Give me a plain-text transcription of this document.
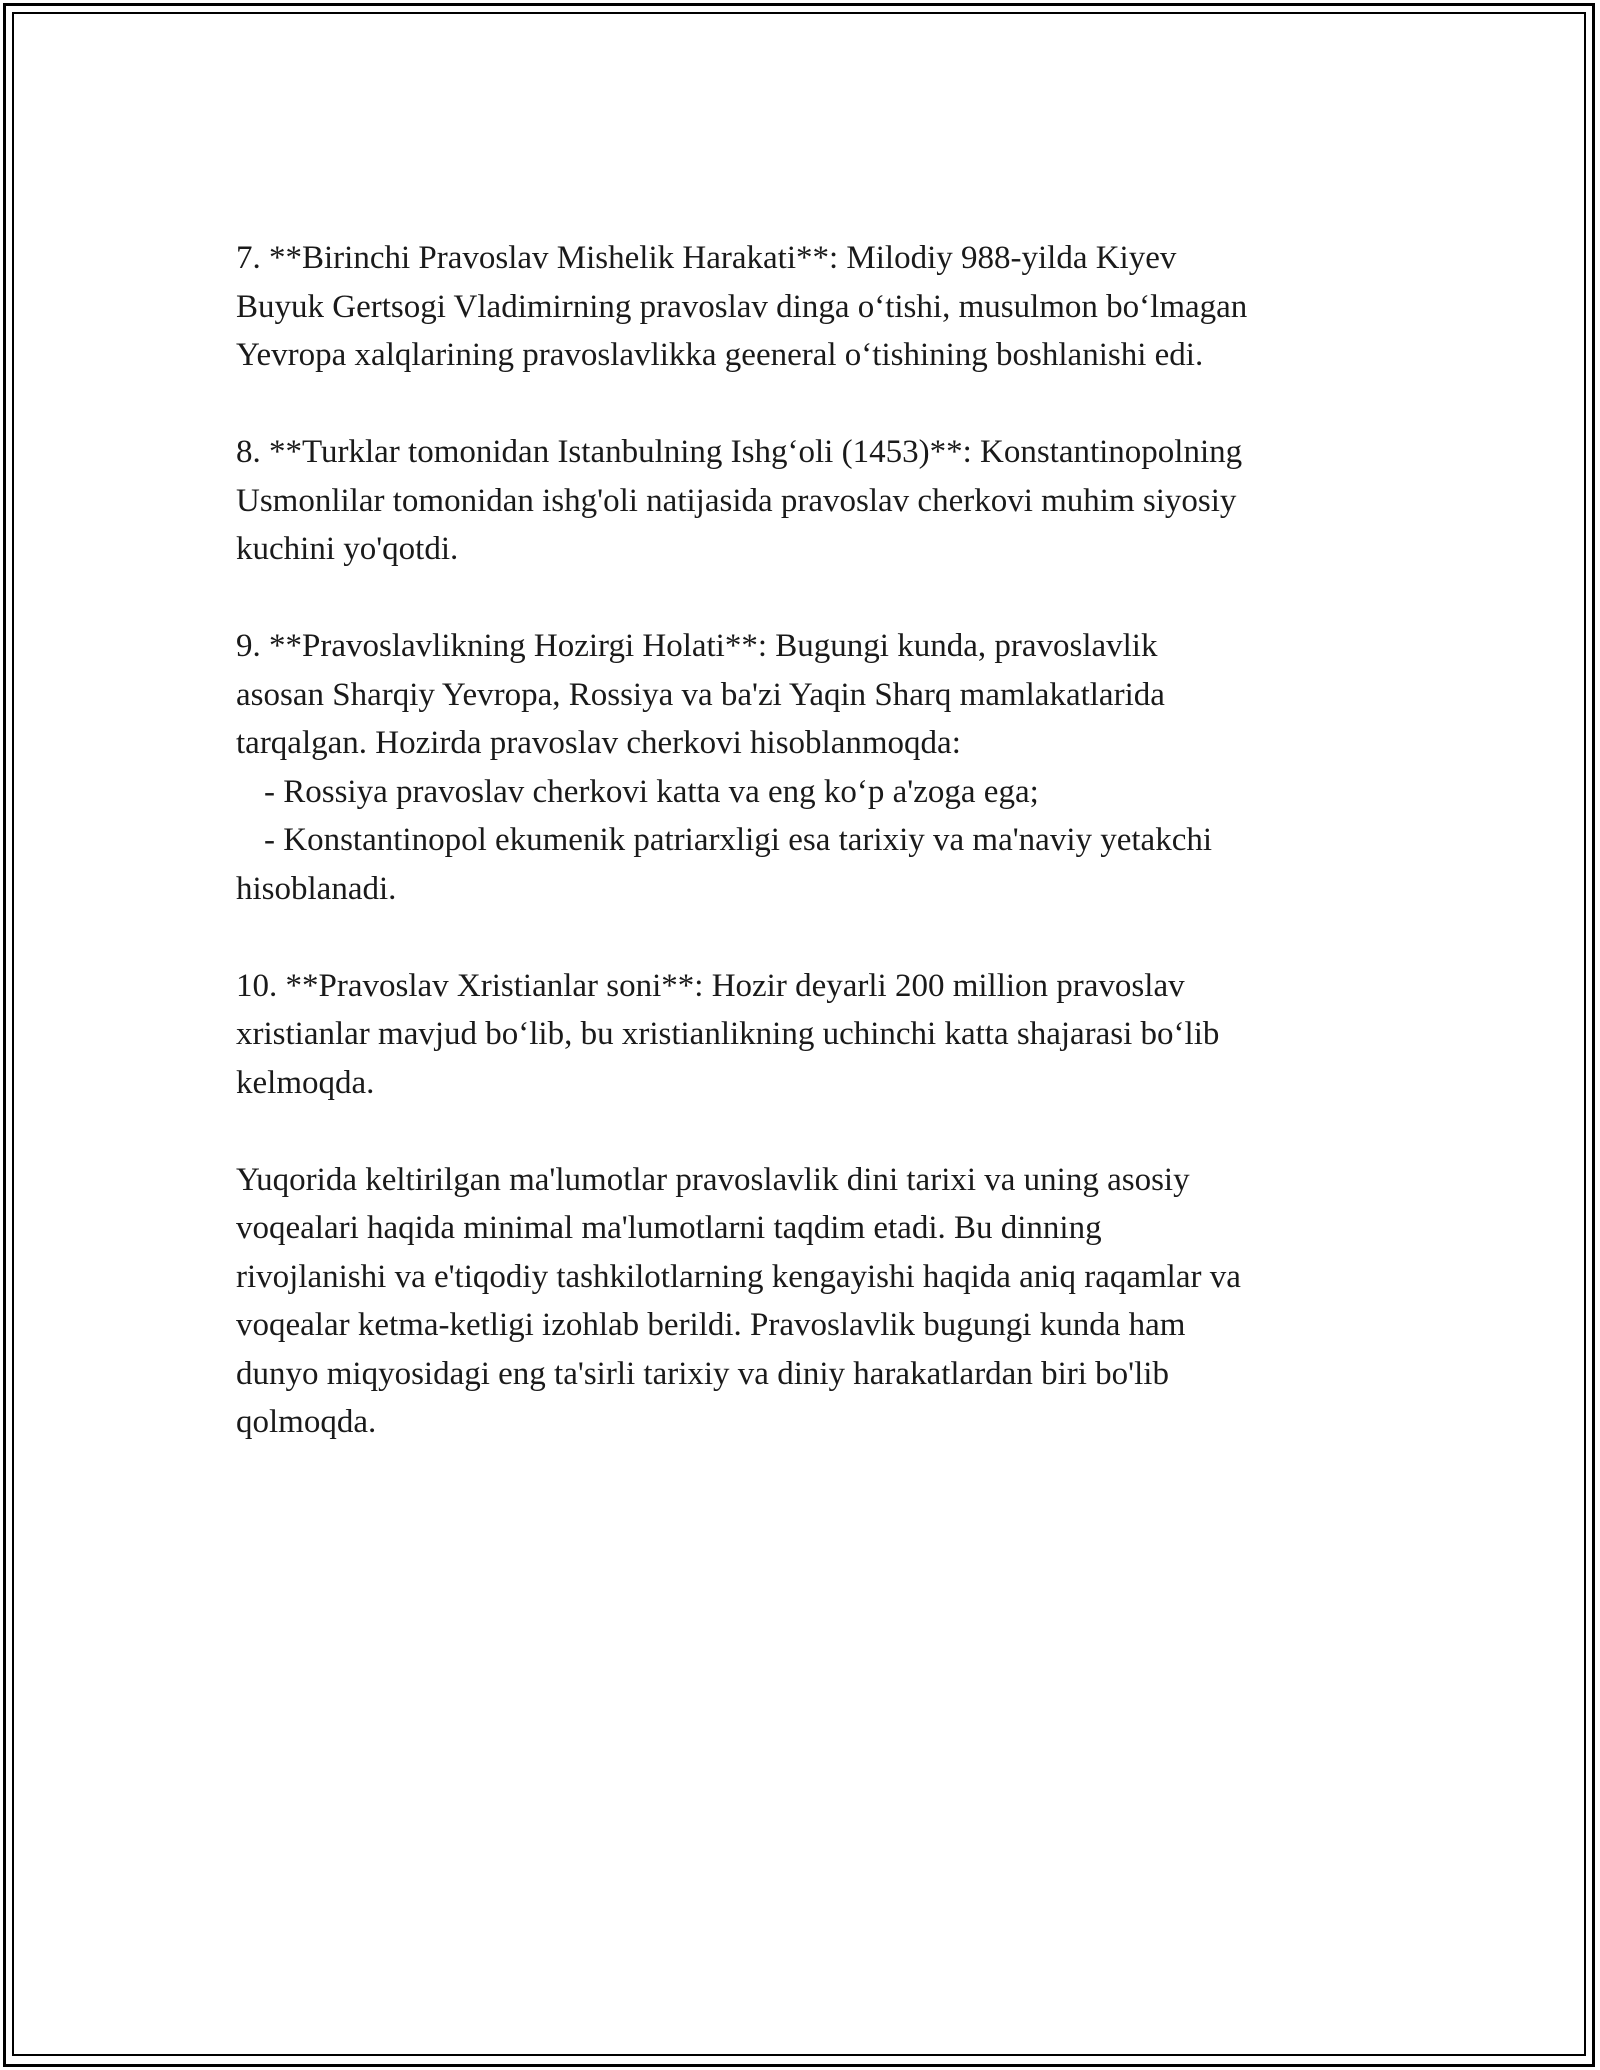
7. **Birinchi Pravoslav Mishelik Harakati**: Milodiy 988-yilda Kiyev
Buyuk Gertsogi Vladimirning pravoslav dinga o‘tishi, musulmon bo‘lmagan
Yevropa xalqlarining pravoslavlikka geeneral o‘tishining boshlanishi edi.
8. **Turklar tomonidan Istanbulning Ishg‘oli (1453)**: Konstantinopolning
Usmonlilar tomonidan ishg'oli natijasida pravoslav cherkovi muhim siyosiy
kuchini yo'qotdi.
9. **Pravoslavlikning Hozirgi Holati**: Bugungi kunda, pravoslavlik
asosan Sharqiy Yevropa, Rossiya va ba'zi Yaqin Sharq mamlakatlarida
tarqalgan. Hozirda pravoslav cherkovi hisoblanmoqda:
- Rossiya pravoslav cherkovi katta va eng ko‘p a'zoga ega;
- Konstantinopol ekumenik patriarxligi esa tarixiy va ma'naviy yetakchi
hisoblanadi.
10. **Pravoslav Xristianlar soni**: Hozir deyarli 200 million pravoslav
xristianlar mavjud bo‘lib, bu xristianlikning uchinchi katta shajarasi bo‘lib
kelmoqda.
Yuqorida keltirilgan ma'lumotlar pravoslavlik dini tarixi va uning asosiy
voqealari haqida minimal ma'lumotlarni taqdim etadi. Bu dinning
rivojlanishi va e'tiqodiy tashkilotlarning kengayishi haqida aniq raqamlar va
voqealar ketma-ketligi izohlab berildi. Pravoslavlik bugungi kunda ham
dunyo miqyosidagi eng ta'sirli tarixiy va diniy harakatlardan biri bo'lib
qolmoqda.
